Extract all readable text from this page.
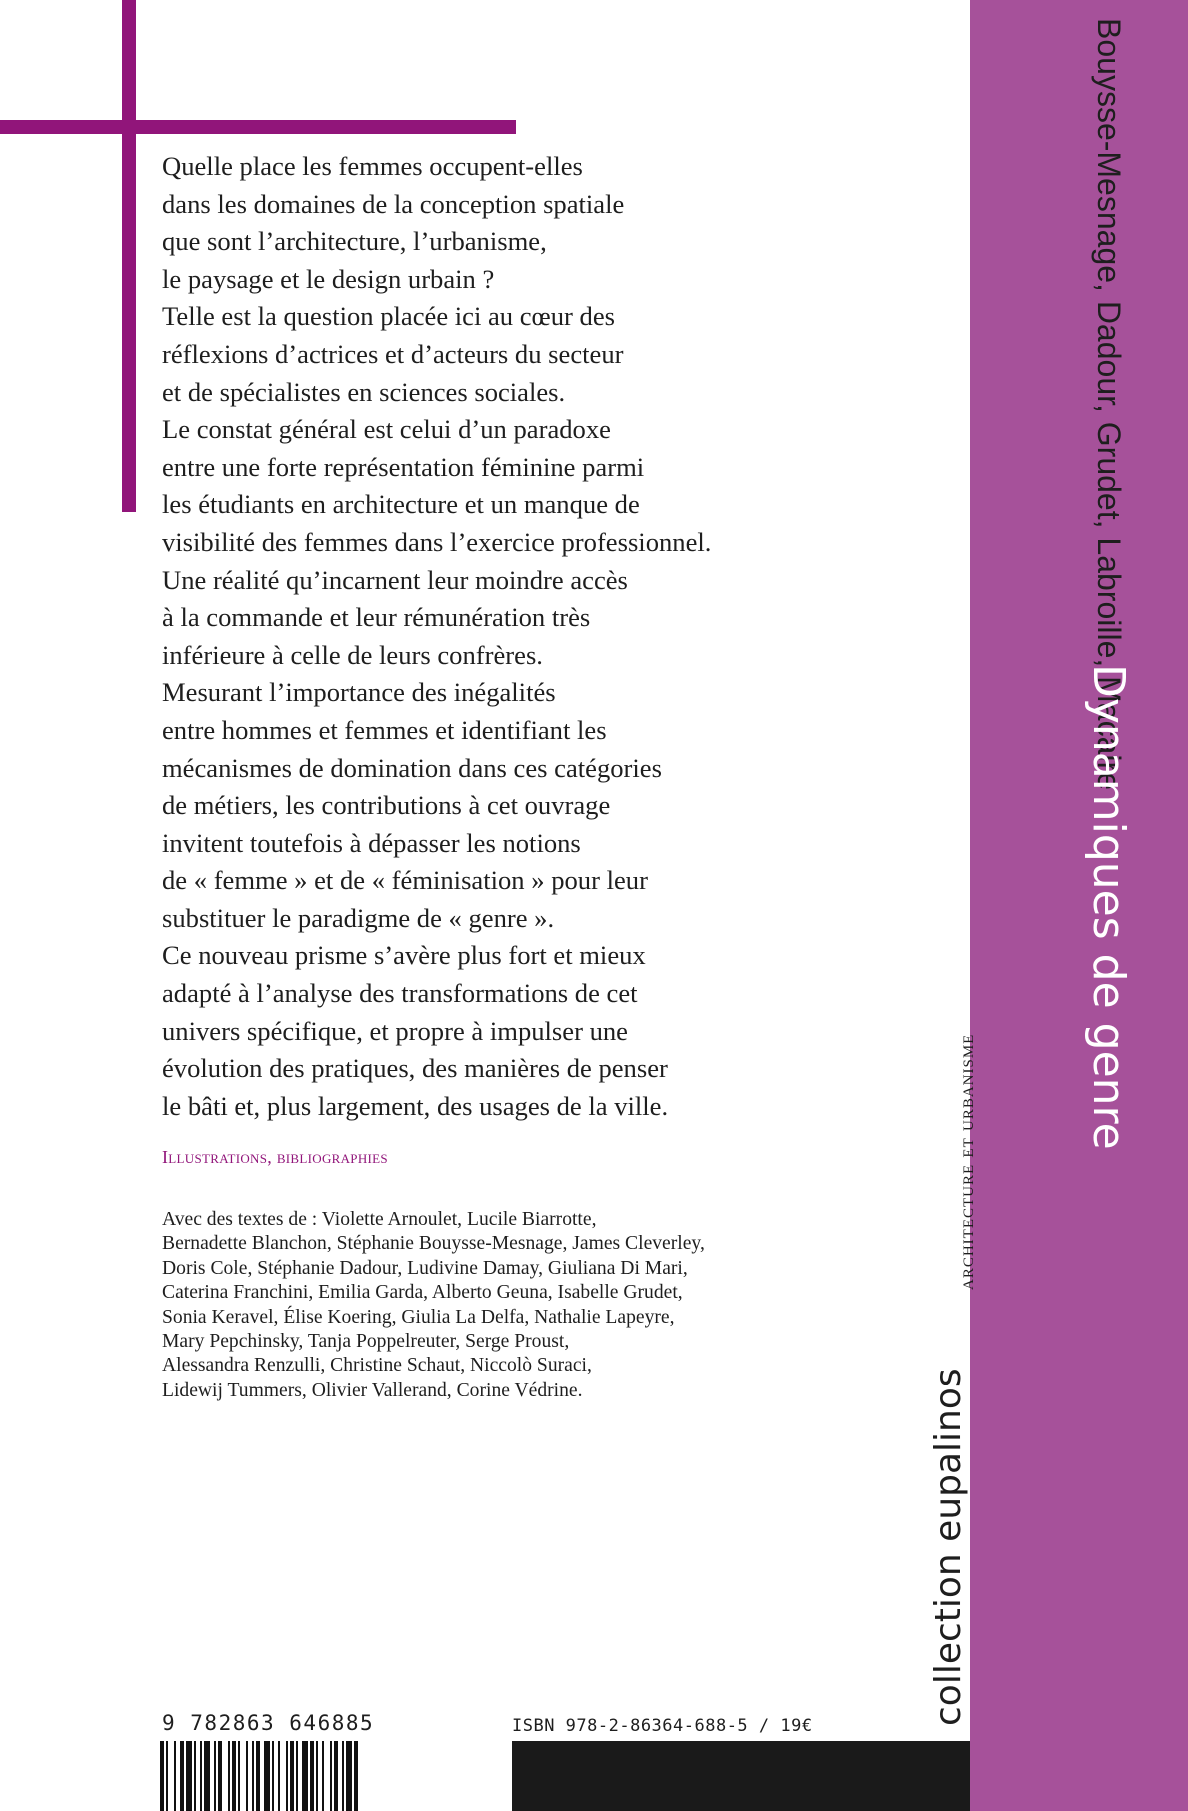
Bouysse-Mesnage, Dadour, Grudet, Labroille, Macaire
Dynamiques de genre
collection eupalinos
architecture et urbanisme
Quelle place les femmes occupent-elles
dans les domaines de la conception spatiale
que sont l’architecture, l’urbanisme,
le paysage et le design urbain ?
Telle est la question placée ici au cœur des
réflexions d’actrices et d’acteurs du secteur
et de spécialistes en sciences sociales.
Le constat général est celui d’un paradoxe
entre une forte représentation féminine parmi
les étudiants en architecture et un manque de
visibilité des femmes dans l’exercice professionnel.
Une réalité qu’incarnent leur moindre accès
à la commande et leur rémunération très
inférieure à celle de leurs confrères.
Mesurant l’importance des inégalités
entre hommes et femmes et identifiant les
mécanismes de domination dans ces catégories
de métiers, les contributions à cet ouvrage
invitent toutefois à dépasser les notions
de « femme » et de « féminisation » pour leur
substituer le paradigme de « genre ».
Ce nouveau prisme s’avère plus fort et mieux
adapté à l’analyse des transformations de cet
univers spécifique, et propre à impulser une
évolution des pratiques, des manières de penser
le bâti et, plus largement, des usages de la ville.
Illustrations, bibliographies
Avec des textes de : Violette Arnoulet, Lucile Biarrotte,
Bernadette Blanchon, Stéphanie Bouysse-Mesnage, James Cleverley,
Doris Cole, Stéphanie Dadour, Ludivine Damay, Giuliana Di Mari,
Caterina Franchini, Emilia Garda, Alberto Geuna, Isabelle Grudet,
Sonia Keravel, Élise Koering, Giulia La Delfa, Nathalie Lapeyre,
Mary Pepchinsky, Tanja Poppelreuter, Serge Proust,
Alessandra Renzulli, Christine Schaut, Niccolò Suraci,
Lidewij Tummers, Olivier Vallerand, Corine Védrine.
9 782863 646885	ISBN 978-2-86364-688-5 / 19€
